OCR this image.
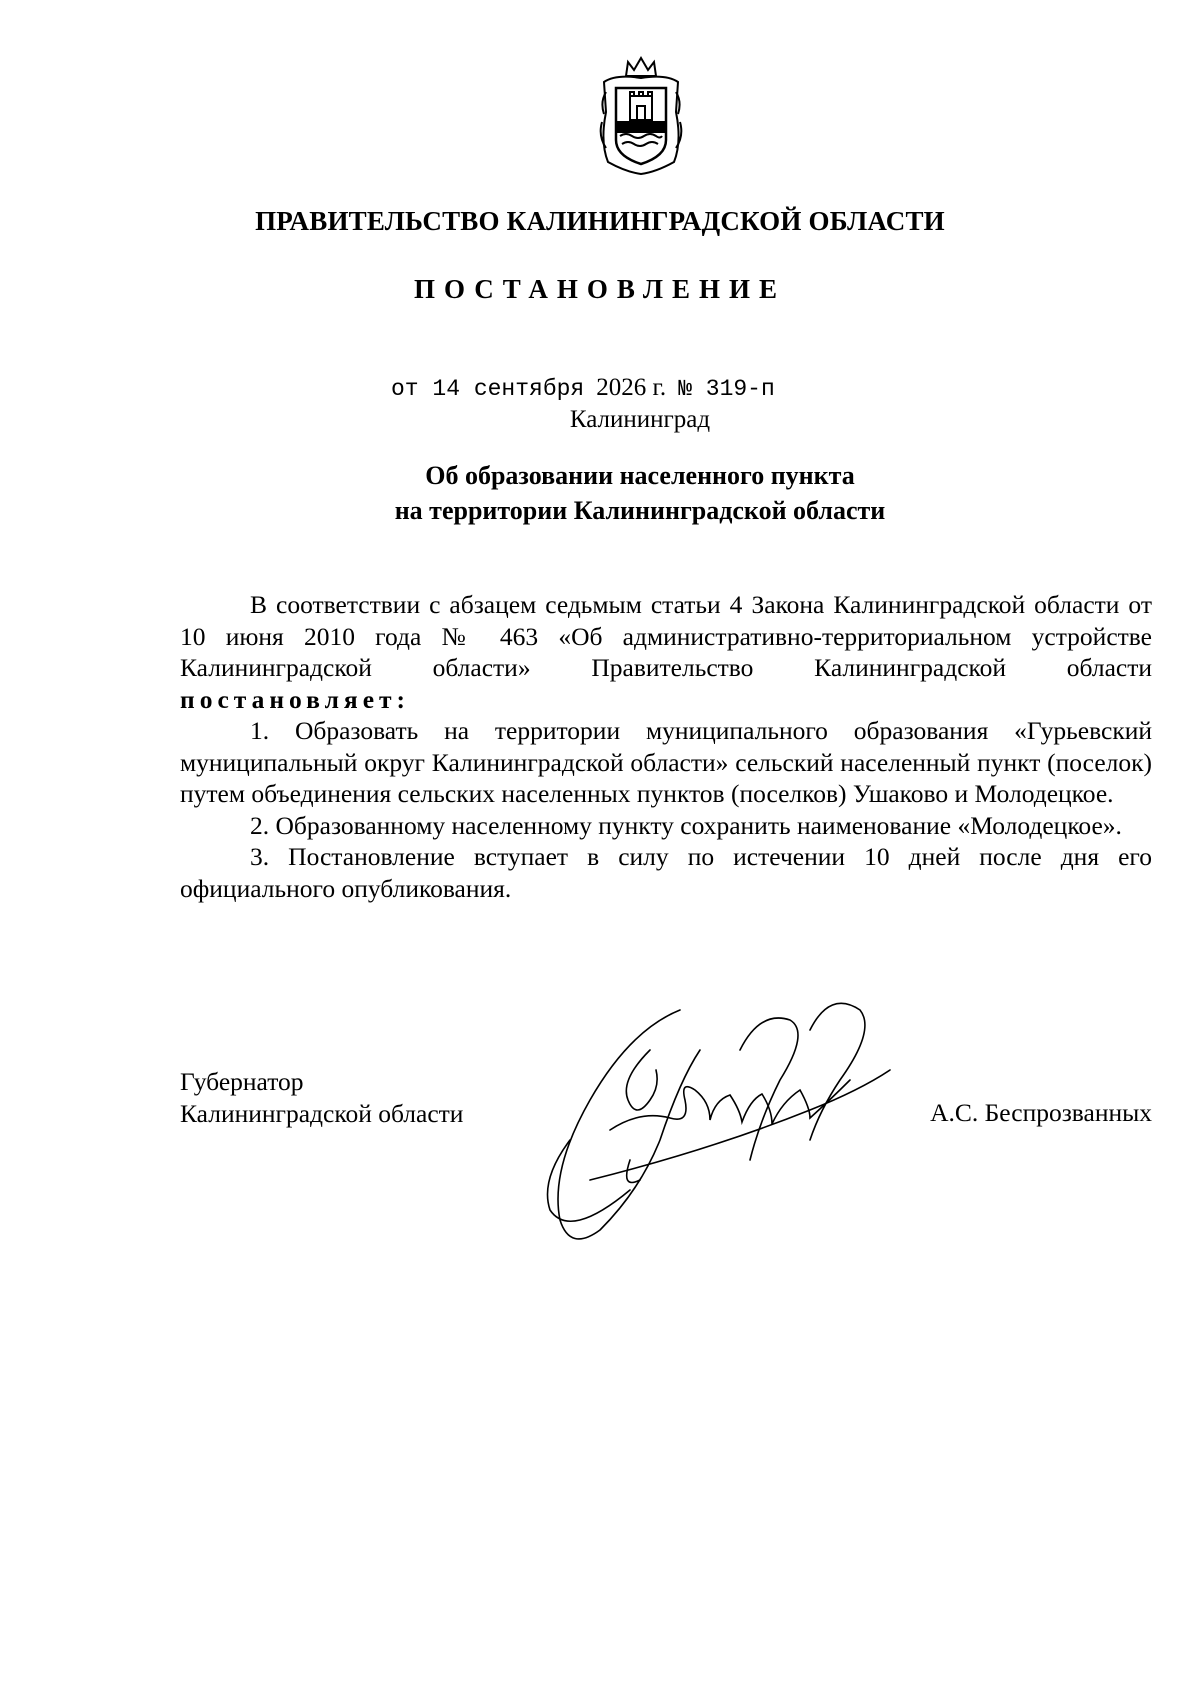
ПРАВИТЕЛЬСТВО КАЛИНИНГРАДСКОЙ ОБЛАСТИ
ПОСТАНОВЛЕНИЕ
от 14 сентября 2026 г. № 319-п
Калининград
Об образовании населенного пункта
на территории Калининградской области

В соответствии с абзацем седьмым статьи 4 Закона Калининградской области от 10 июня 2010 года № 463 «Об административно-территориальном устройстве Калининградской области» Правительство Калининградской области постановляет:

1. Образовать на территории муниципального образования «Гурьевский муниципальный округ Калининградской области» сельский населенный пункт (поселок) путем объединения сельских населенных пунктов (поселков) Ушаково и Молодецкое.

2. Образованному населенному пункту сохранить наименование «Молодецкое».

3. Постановление вступает в силу по истечении 10 дней после дня его официального опубликования.

Губернатор
Калининградской области	А.С. Беспрозванных
